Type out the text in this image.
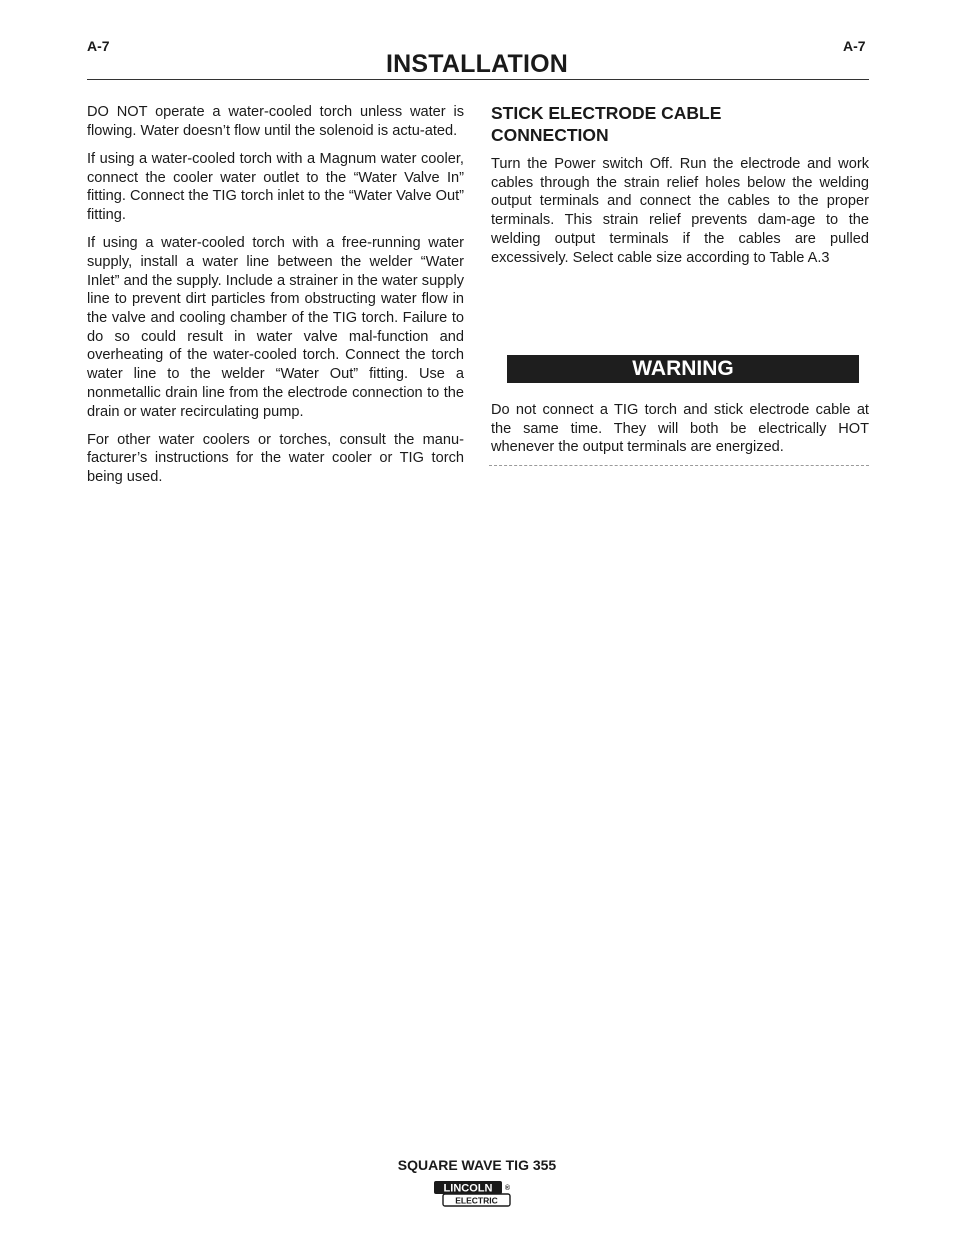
A-7	A-7
INSTALLATION

DO NOT operate a water-cooled torch unless water is flowing. Water doesn’t flow until the solenoid is actu-ated.

If using a water-cooled torch with a Magnum water cooler, connect the cooler water outlet to the “Water Valve In” fitting. Connect the TIG torch inlet to the “Water Valve Out” fitting.

If using a water-cooled torch with a free-running water supply, install a water line between the welder “Water Inlet” and the supply. Include a strainer in the water supply line to prevent dirt particles from obstructing water flow in the valve and cooling chamber of the TIG torch. Failure to do so could result in water valve mal-function and overheating of the water-cooled torch. Connect the torch water line to the welder “Water Out” fitting. Use a nonmetallic drain line from the electrode connection to the drain or water recirculating pump.

For other water coolers or torches, consult the manu-facturer’s instructions for the water cooler or TIG torch being used.

STICK ELECTRODE CABLE
CONNECTION

Turn the Power switch Off. Run the electrode and work cables through the strain relief holes below the welding output terminals and connect the cables to the proper terminals. This strain relief prevents dam-age to the welding output terminals if the cables are pulled excessively. Select cable size according to Table A.3

WARNING

Do not connect a TIG torch and stick electrode cable at the same time. They will both be electrically HOT whenever the output terminals are energized.

SQUARE WAVE TIG 355
LINCOLN
ELECTRIC
®
